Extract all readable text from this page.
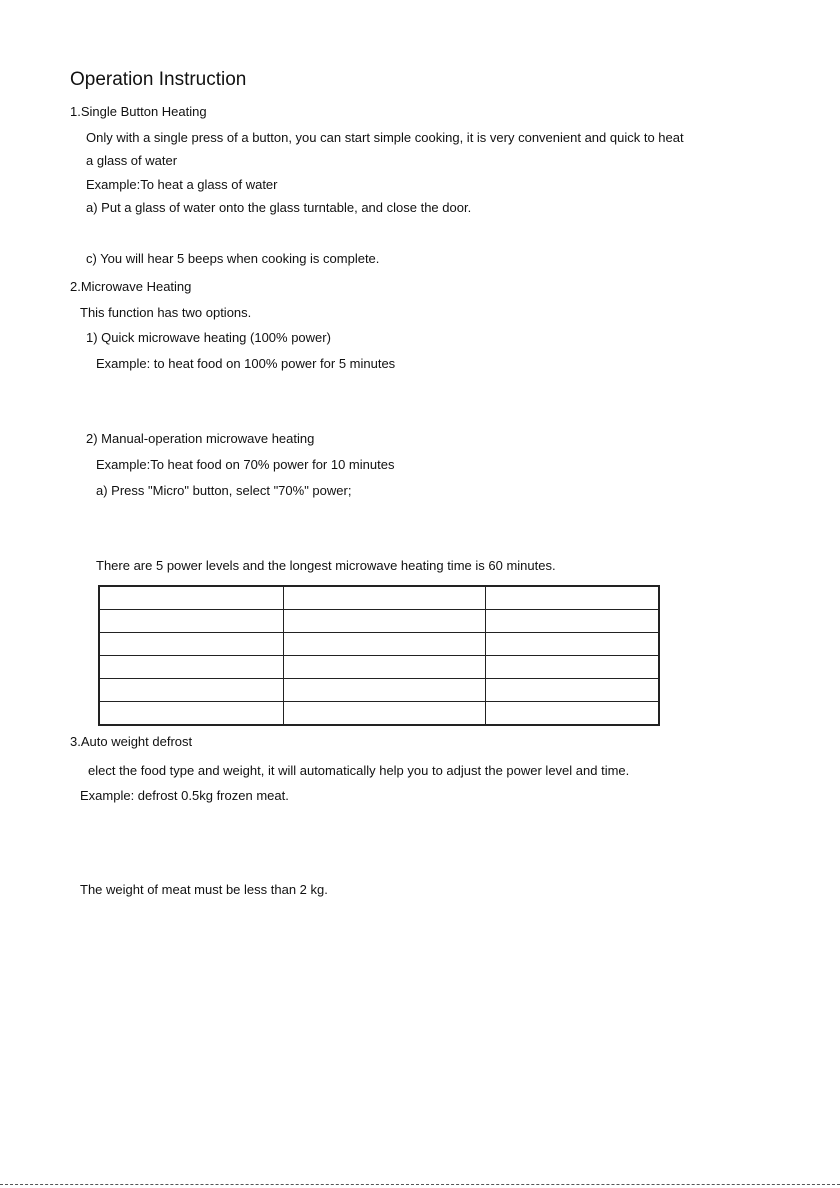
Operation Instruction
1.Single Button Heating
Only with a single press of a button, you can start simple cooking, it is very convenient and quick to heat
a glass of water
Example:To heat a glass of water
a) Put a glass of water onto the glass turntable, and close the door.
c) You will hear 5 beeps when cooking is complete.
2.Microwave Heating
This function has two options.
1) Quick microwave heating (100% power)
Example: to heat food on 100% power for 5 minutes
2) Manual-operation microwave heating
Example:To heat food on 70% power for 10 minutes
a) Press "Micro" button, select "70%" power;
There are 5 power levels and the longest microwave heating time is 60 minutes.

3.Auto weight defrost
elect the food type and weight, it will automatically help you to adjust the power level and time.
Example: defrost 0.5kg frozen meat.
The weight of meat must be less than 2 kg.
